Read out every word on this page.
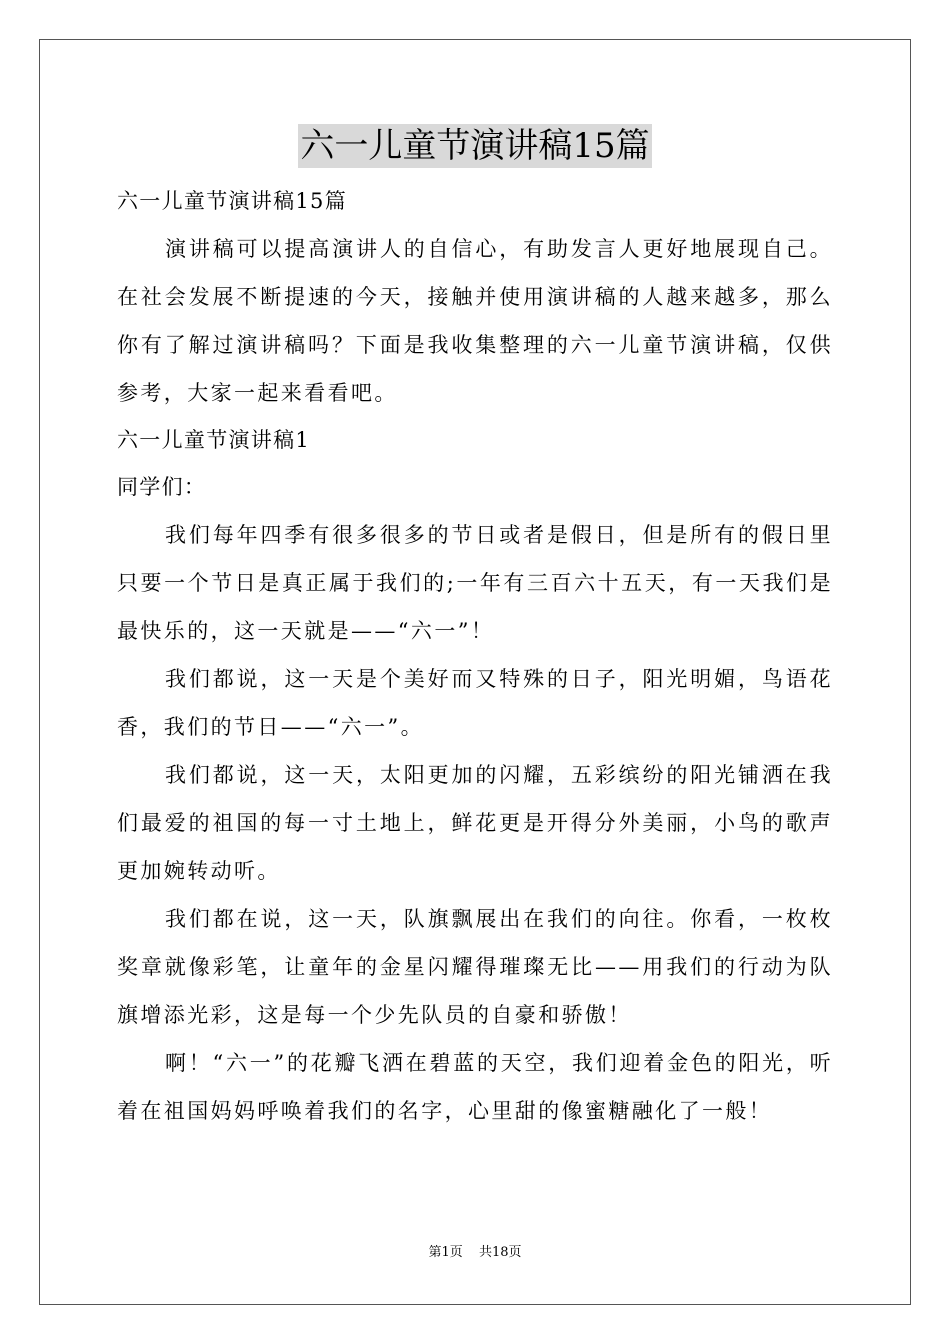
六一儿童节演讲稿15篇

六一儿童节演讲稿15篇

演讲稿可以提高演讲人的自信心，有助发言人更好地展现自己。在社会发展不断提速的今天，接触并使用演讲稿的人越来越多，那么你有了解过演讲稿吗？下面是我收集整理的六一儿童节演讲稿，仅供参考，大家一起来看看吧。

六一儿童节演讲稿1

同学们：

我们每年四季有很多很多的节日或者是假日，但是所有的假日里只要一个节日是真正属于我们的;一年有三百六十五天，有一天我们是最快乐的，这一天就是——“六一”！

我们都说，这一天是个美好而又特殊的日子，阳光明媚，鸟语花香，我们的节日——“六一”。

我们都说，这一天，太阳更加的闪耀，五彩缤纷的阳光铺洒在我们最爱的祖国的每一寸土地上，鲜花更是开得分外美丽，小鸟的歌声更加婉转动听。

我们都在说，这一天，队旗飘展出在我们的向往。你看，一枚枚奖章就像彩笔，让童年的金星闪耀得璀璨无比——用我们的行动为队旗增添光彩，这是每一个少先队员的自豪和骄傲！

啊！“六一”的花瓣飞洒在碧蓝的天空，我们迎着金色的阳光，听着在祖国妈妈呼唤着我们的名字，心里甜的像蜜糖融化了一般！

第1页 共18页
